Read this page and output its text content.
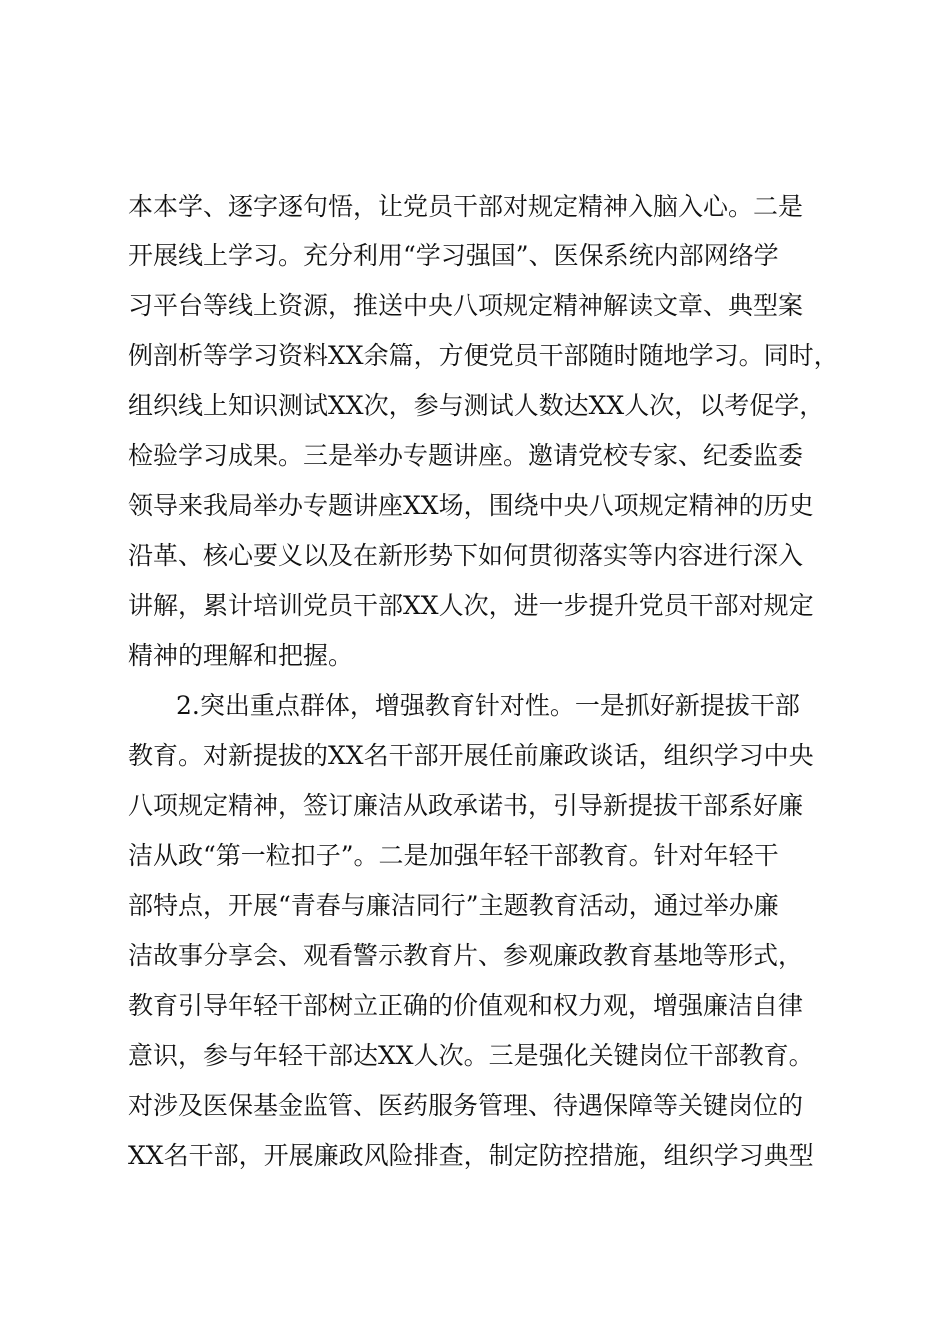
本本学、逐字逐句悟，让党员干部对规定精神入脑入心。二是
开展线上学习。充分利用“学习强国”、医保系统内部网络学
习平台等线上资源，推送中央八项规定精神解读文章、典型案
例剖析等学习资料XX余篇，方便党员干部随时随地学习。同时，
组织线上知识测试XX次，参与测试人数达XX人次，以考促学，
检验学习成果。三是举办专题讲座。邀请党校专家、纪委监委
领导来我局举办专题讲座XX场，围绕中央八项规定精神的历史
沿革、核心要义以及在新形势下如何贯彻落实等内容进行深入
讲解，累计培训党员干部XX人次，进一步提升党员干部对规定
精神的理解和把握。
2.突出重点群体，增强教育针对性。一是抓好新提拔干部
教育。对新提拔的XX名干部开展任前廉政谈话，组织学习中央
八项规定精神，签订廉洁从政承诺书，引导新提拔干部系好廉
洁从政“第一粒扣子”。二是加强年轻干部教育。针对年轻干
部特点，开展“青春与廉洁同行”主题教育活动，通过举办廉
洁故事分享会、观看警示教育片、参观廉政教育基地等形式，
教育引导年轻干部树立正确的价值观和权力观，增强廉洁自律
意识，参与年轻干部达XX人次。三是强化关键岗位干部教育。
对涉及医保基金监管、医药服务管理、待遇保障等关键岗位的
XX名干部，开展廉政风险排查，制定防控措施，组织学习典型
